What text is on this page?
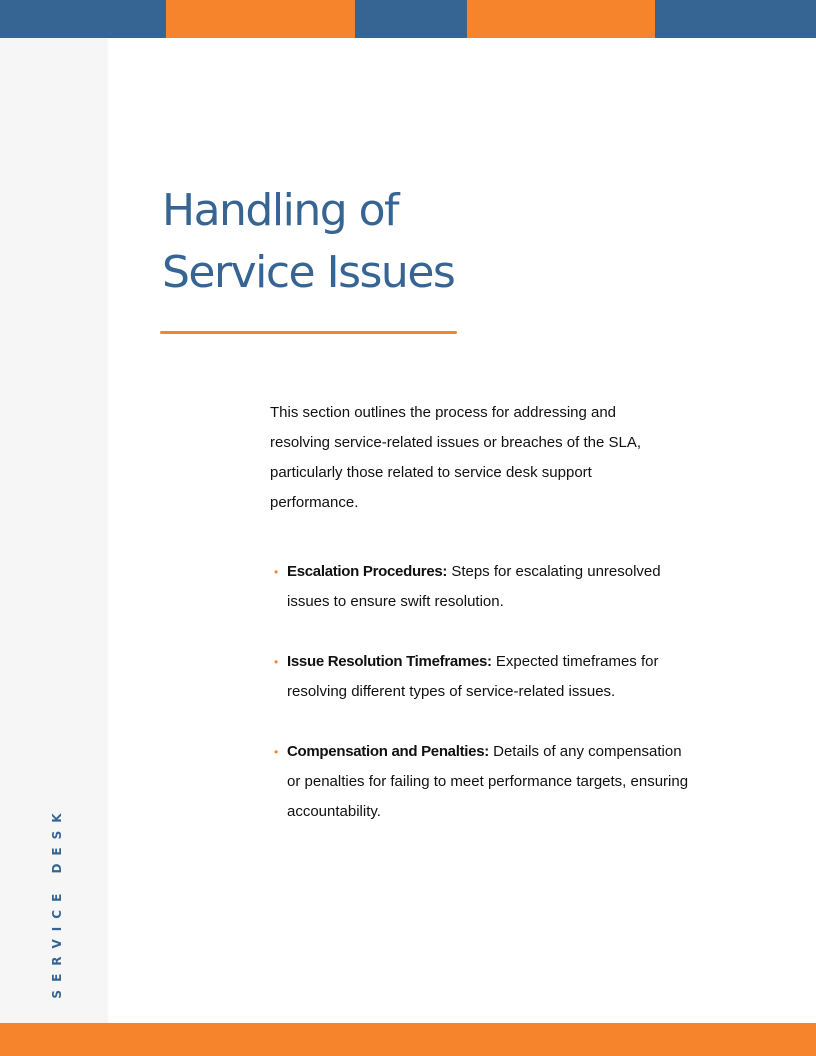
SERVICE DESK
Handling of
Service Issues

This section outlines the process for addressing and resolving service-related issues or breaches of the SLA, particularly those related to service desk support performance.

• Escalation Procedures: Steps for escalating unresolved issues to ensure swift resolution.
• Issue Resolution Timeframes: Expected timeframes for resolving different types of service-related issues.
• Compensation and Penalties: Details of any compensation or penalties for failing to meet performance targets, ensuring accountability.
